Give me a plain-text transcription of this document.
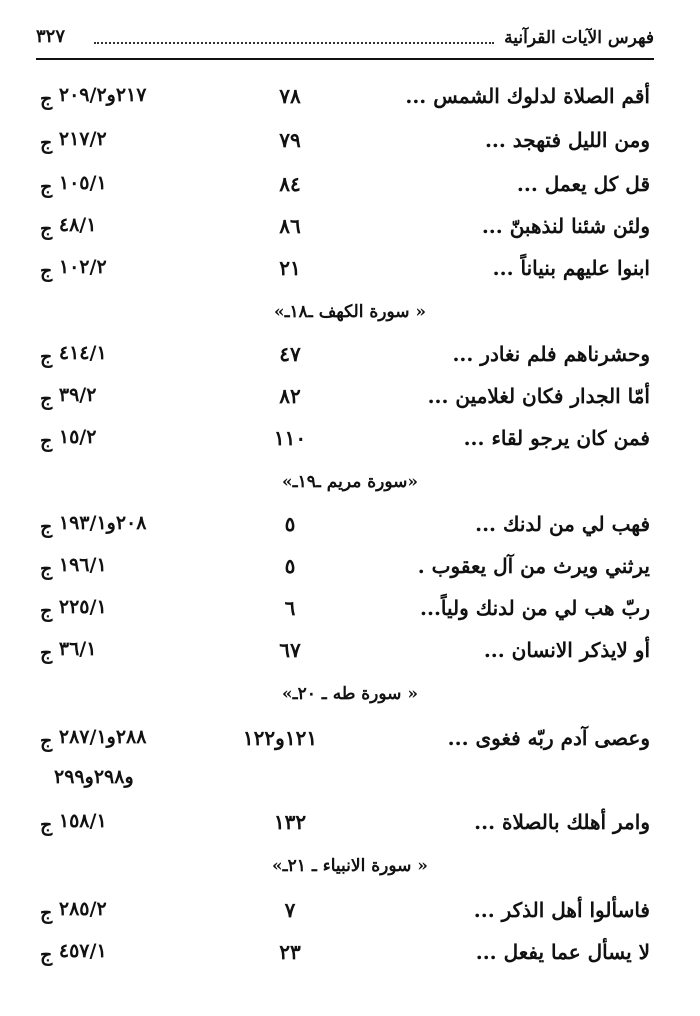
فهرس الآيات القرآنية
٣٢٧
أقم الصلاة لدلوك الشمس ...
٧٨
٢١٧و٢٠٩/٢ ج
ومن الليل فتهجد ...
٧٩
٢١٧/٢ ج
قل كل يعمل ...
٨٤
١٠٥/١ ج
ولئن شئنا لنذهبنّ ...
٨٦
٤٨/١ ج
ابنوا عليهم بنياناً ...
٢١
١٠٢/٢ ج
« سورة الكهف ـ١٨ـ»
وحشرناهم فلم نغادر ...
٤٧
٤١٤/١ ج
أمّا الجدار فكان لغلامين ...
٨٢
٣٩/٢ ج
فمن كان يرجو لقاء ...
١١٠
١٥/٢ ج
«سورة مريم ـ١٩ـ»
فهب لي من لدنك ...
٥
٢٠٨و١٩٣/١ ج
يرثني ويرث من آل يعقوب .
٥
١٩٦/١ ج
ربّ هب لي من لدنك ولياً...
٦
٢٢٥/١ ج
أو لايذكر الانسان ...
٦٧
٣٦/١ ج
« سورة طه ـ ٢٠ـ»
وعصى آدم ربّه فغوى ...
١٢١و١٢٢
٢٨٨و٢٨٧/١ ج
و٢٩٨و٢٩٩
وامر أهلك بالصلاة ...
١٣٢
١٥٨/١ ج
« سورة الانبياء ـ ٢١ـ»
فاسألوا أهل الذكر ...
٧
٢٨٥/٢ ج
لا يسأل عما يفعل ...
٢٣
٤٥٧/١ ج
